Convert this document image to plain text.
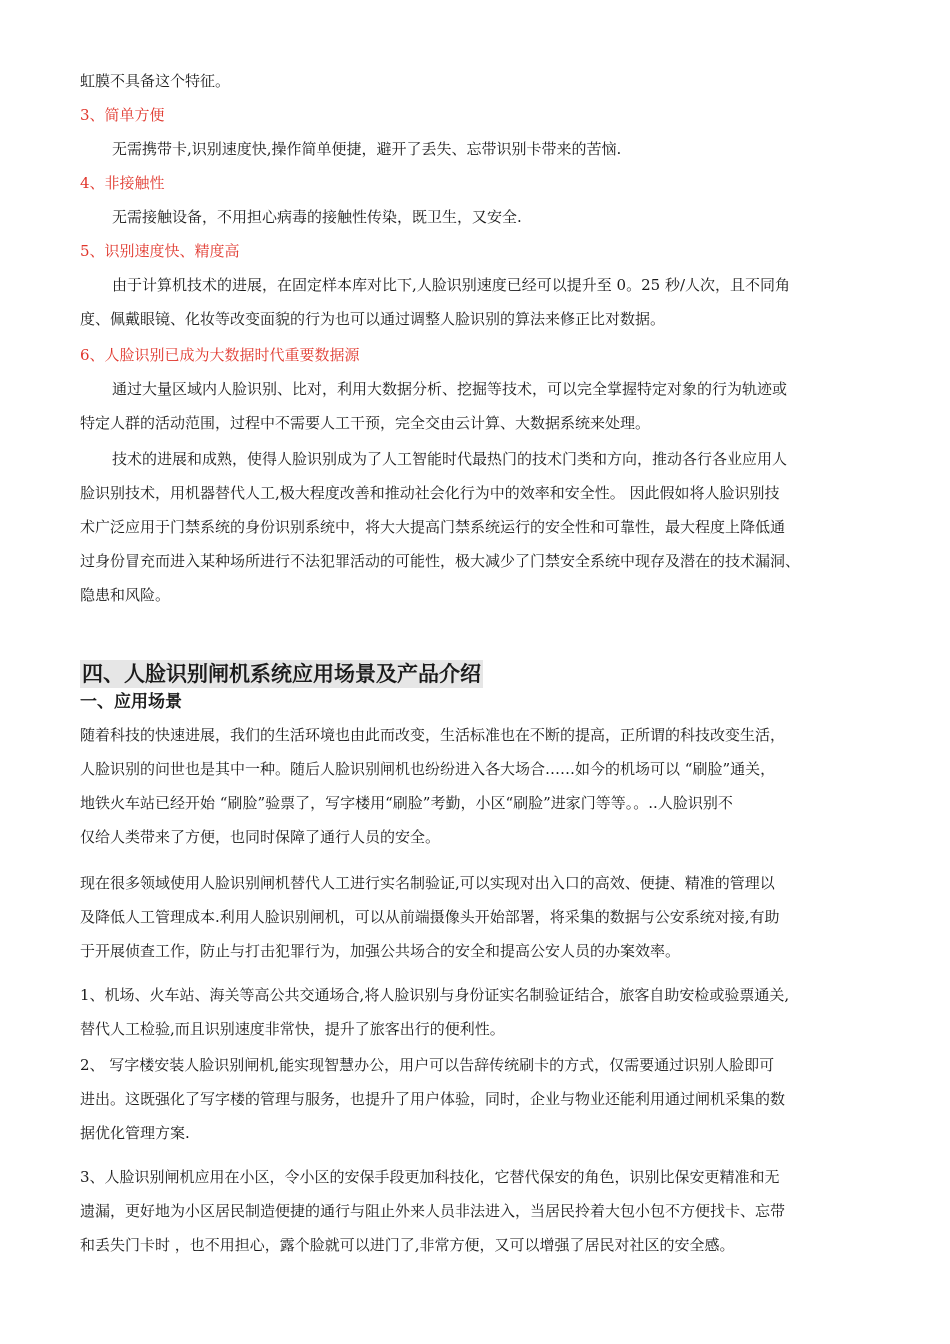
虹膜不具备这个特征。
3、简单方便
无需携带卡,识别速度快,操作简单便捷，避开了丢失、忘带识别卡带来的苦恼.
4、非接触性
无需接触设备，不用担心病毒的接触性传染，既卫生，又安全.
5、识别速度快、精度高
由于计算机技术的进展，在固定样本库对比下,人脸识别速度已经可以提升至 0。25 秒/人次，且不同角
度、佩戴眼镜、化妆等改变面貌的行为也可以通过调整人脸识别的算法来修正比对数据。
6、人脸识别已成为大数据时代重要数据源
通过大量区域内人脸识别、比对，利用大数据分析、挖掘等技术，可以完全掌握特定对象的行为轨迹或
特定人群的活动范围，过程中不需要人工干预，完全交由云计算、大数据系统来处理。
技术的进展和成熟，使得人脸识别成为了人工智能时代最热门的技术门类和方向，推动各行各业应用人
脸识别技术，用机器替代人工,极大程度改善和推动社会化行为中的效率和安全性。 因此假如将人脸识别技
术广泛应用于门禁系统的身份识别系统中，将大大提高门禁系统运行的安全性和可靠性，最大程度上降低通
过身份冒充而进入某种场所进行不法犯罪活动的可能性，极大减少了门禁安全系统中现存及潜在的技术漏洞、
隐患和风险。
四、人脸识别闸机系统应用场景及产品介绍
一、应用场景
随着科技的快速进展，我们的生活环境也由此而改变，生活标准也在不断的提高，正所谓的科技改变生活，
人脸识别的问世也是其中一种。随后人脸识别闸机也纷纷进入各大场合……如今的机场可以 “刷脸”通关，
地铁火车站已经开始 “刷脸”验票了，写字楼用“刷脸”考勤，小区“刷脸”进家门等等。。..人脸识别不
仅给人类带来了方便，也同时保障了通行人员的安全。
现在很多领域使用人脸识别闸机替代人工进行实名制验证,可以实现对出入口的高效、便捷、精准的管理以
及降低人工管理成本.利用人脸识别闸机，可以从前端摄像头开始部署，将采集的数据与公安系统对接,有助
于开展侦查工作，防止与打击犯罪行为，加强公共场合的安全和提高公安人员的办案效率。
1、机场、火车站、海关等高公共交通场合,将人脸识别与身份证实名制验证结合，旅客自助安检或验票通关,
替代人工检验,而且识别速度非常快，提升了旅客出行的便利性。
2、 写字楼安装人脸识别闸机,能实现智慧办公，用户可以告辞传统刷卡的方式，仅需要通过识别人脸即可
进出。这既强化了写字楼的管理与服务，也提升了用户体验，同时，企业与物业还能利用通过闸机采集的数
据优化管理方案.
3、人脸识别闸机应用在小区，令小区的安保手段更加科技化，它替代保安的角色，识别比保安更精准和无
遗漏，更好地为小区居民制造便捷的通行与阻止外来人员非法进入，当居民拎着大包小包不方便找卡、忘带
和丢失门卡时 ，也不用担心，露个脸就可以进门了,非常方便，又可以增强了居民对社区的安全感。
